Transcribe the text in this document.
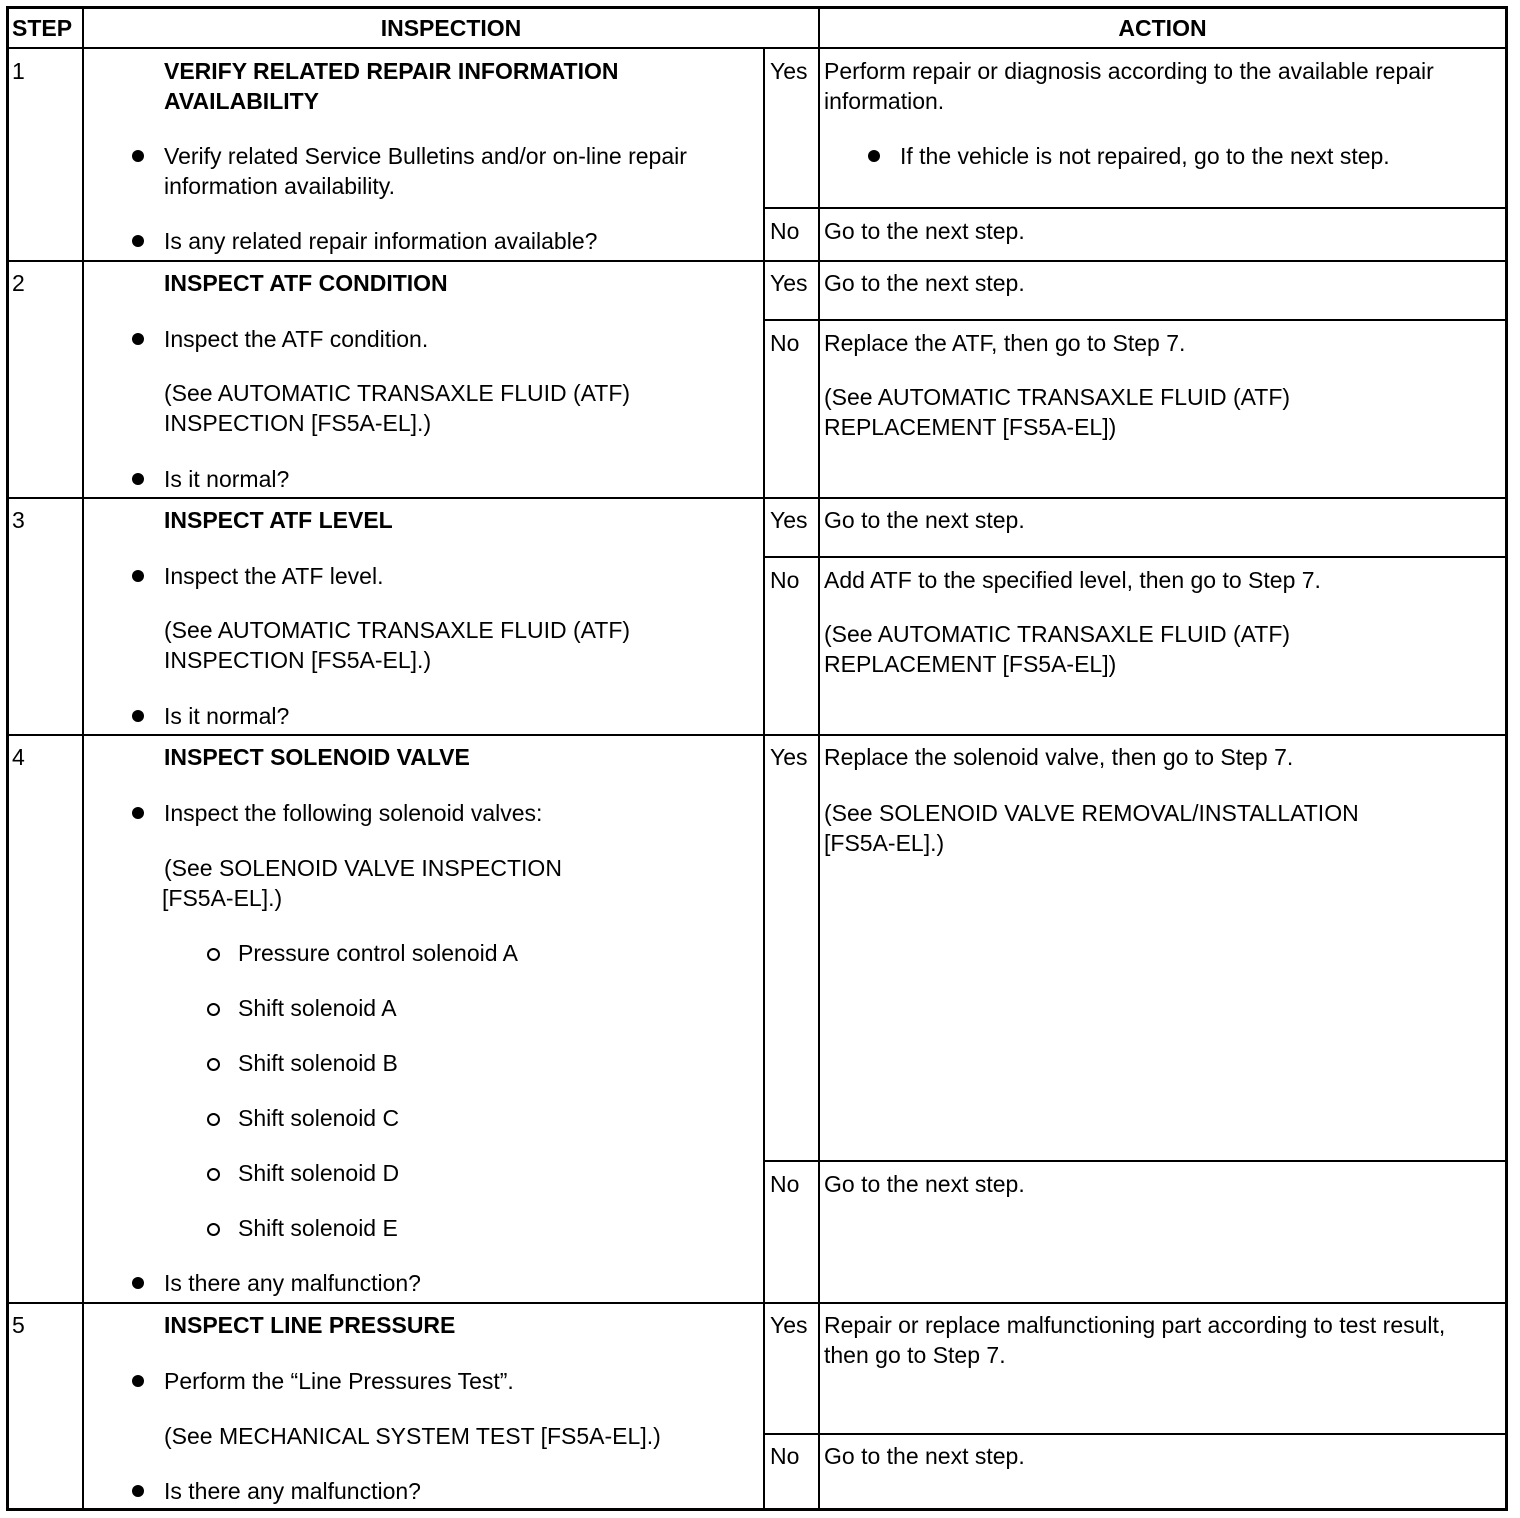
STEP	INSPECTION	ACTION
1	VERIFY RELATED REPAIR INFORMATION
AVAILABILITY
Verify related Service Bulletins and/or on-line repair
information availability.
Is any related repair information available?
Yes Perform repair or diagnosis according to the available repair
information.
If the vehicle is not repaired, go to the next step.
No Go to the next step.
2	INSPECT ATF CONDITION
Inspect the ATF condition.
(See AUTOMATIC TRANSAXLE FLUID (ATF)
INSPECTION [FS5A-EL].)
Is it normal?
Yes Go to the next step.
No Replace the ATF, then go to Step 7.
(See AUTOMATIC TRANSAXLE FLUID (ATF)
REPLACEMENT [FS5A-EL])
3	INSPECT ATF LEVEL
Inspect the ATF level.
(See AUTOMATIC TRANSAXLE FLUID (ATF)
INSPECTION [FS5A-EL].)
Is it normal?
Yes Go to the next step.
No Add ATF to the specified level, then go to Step 7.
(See AUTOMATIC TRANSAXLE FLUID (ATF)
REPLACEMENT [FS5A-EL])
4	INSPECT SOLENOID VALVE
Inspect the following solenoid valves:
(See SOLENOID VALVE INSPECTION
[FS5A-EL].)
Pressure control solenoid A
Shift solenoid A
Shift solenoid B
Shift solenoid C
Shift solenoid D
Shift solenoid E
Is there any malfunction?
Yes Replace the solenoid valve, then go to Step 7.
(See SOLENOID VALVE REMOVAL/INSTALLATION
[FS5A-EL].)
No Go to the next step.
5	INSPECT LINE PRESSURE
Perform the “Line Pressures Test”.
(See MECHANICAL SYSTEM TEST [FS5A-EL].)
Is there any malfunction?
Yes Repair or replace malfunctioning part according to test result,
then go to Step 7.
No Go to the next step.
